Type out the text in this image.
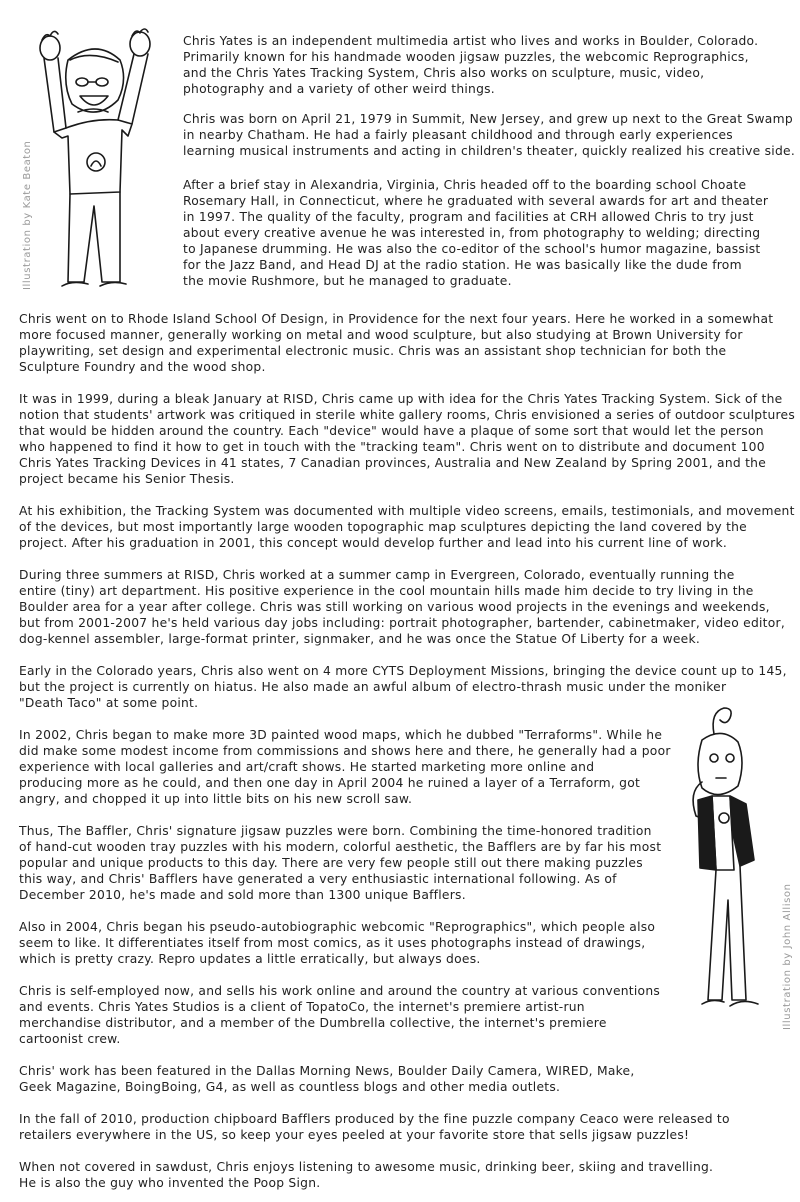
Illustration by Kate Beaton
Illustration by John Allison

Chris Yates is an independent multimedia artist who lives and works in Boulder, Colorado.
Primarily known for his handmade wooden jigsaw puzzles, the webcomic Reprographics,
and the Chris Yates Tracking System, Chris also works on sculpture, music, video,
photography and a variety of other weird things.

Chris was born on April 21, 1979 in Summit, New Jersey, and grew up next to the Great Swamp
in nearby Chatham. He had a fairly pleasant childhood and through early experiences
learning musical instruments and acting in children's theater, quickly realized his creative side.

After a brief stay in Alexandria, Virginia, Chris headed off to the boarding school Choate
Rosemary Hall, in Connecticut, where he graduated with several awards for art and theater
in 1997. The quality of the faculty, program and facilities at CRH allowed Chris to try just
about every creative avenue he was interested in, from photography to welding; directing
to Japanese drumming. He was also the co-editor of the school's humor magazine, bassist
for the Jazz Band, and Head DJ at the radio station. He was basically like the dude from
the movie Rushmore, but he managed to graduate.

Chris went on to Rhode Island School Of Design, in Providence for the next four years. Here he worked in a somewhat
more focused manner, generally working on metal and wood sculpture, but also studying at Brown University for
playwriting, set design and experimental electronic music. Chris was an assistant shop technician for both the
Sculpture Foundry and the wood shop.

It was in 1999, during a bleak January at RISD, Chris came up with idea for the Chris Yates Tracking System. Sick of the
notion that students' artwork was critiqued in sterile white gallery rooms, Chris envisioned a series of outdoor sculptures
that would be hidden around the country. Each "device" would have a plaque of some sort that would let the person
who happened to find it how to get in touch with the "tracking team". Chris went on to distribute and document 100
Chris Yates Tracking Devices in 41 states, 7 Canadian provinces, Australia and New Zealand by Spring 2001, and the
project became his Senior Thesis.

At his exhibition, the Tracking System was documented with multiple video screens, emails, testimonials, and movement
of the devices, but most importantly large wooden topographic map sculptures depicting the land covered by the
project. After his graduation in 2001, this concept would develop further and lead into his current line of work.

During three summers at RISD, Chris worked at a summer camp in Evergreen, Colorado, eventually running the
entire (tiny) art department. His positive experience in the cool mountain hills made him decide to try living in the
Boulder area for a year after college. Chris was still working on various wood projects in the evenings and weekends,
but from 2001-2007 he's held various day jobs including: portrait photographer, bartender, cabinetmaker, video editor,
dog-kennel assembler, large-format printer, signmaker, and he was once the Statue Of Liberty for a week.

Early in the Colorado years, Chris also went on 4 more CYTS Deployment Missions, bringing the device count up to 145,
but the project is currently on hiatus. He also made an awful album of electro-thrash music under the moniker
"Death Taco" at some point.

In 2002, Chris began to make more 3D painted wood maps, which he dubbed "Terraforms". While he
did make some modest income from commissions and shows here and there, he generally had a poor
experience with local galleries and art/craft shows. He started marketing more online and
producing more as he could, and then one day in April 2004 he ruined a layer of a Terraform, got
angry, and chopped it up into little bits on his new scroll saw.

Thus, The Baffler, Chris' signature jigsaw puzzles were born. Combining the time-honored tradition
of hand-cut wooden tray puzzles with his modern, colorful aesthetic, the Bafflers are by far his most
popular and unique products to this day. There are very few people still out there making puzzles
this way, and Chris' Bafflers have generated a very enthusiastic international following. As of
December 2010, he's made and sold more than 1300 unique Bafflers.

Also in 2004, Chris began his pseudo-autobiographic webcomic "Reprographics", which people also
seem to like. It differentiates itself from most comics, as it uses photographs instead of drawings,
which is pretty crazy. Repro updates a little erratically, but always does.

Chris is self-employed now, and sells his work online and around the country at various conventions
and events. Chris Yates Studios is a client of TopatoCo, the internet's premiere artist-run
merchandise distributor, and a member of the Dumbrella collective, the internet's premiere
cartoonist crew.

Chris' work has been featured in the Dallas Morning News, Boulder Daily Camera, WIRED, Make,
Geek Magazine, BoingBoing, G4, as well as countless blogs and other media outlets.

In the fall of 2010, production chipboard Bafflers produced by the fine puzzle company Ceaco were released to
retailers everywhere in the US, so keep your eyes peeled at your favorite store that sells jigsaw puzzles!

When not covered in sawdust, Chris enjoys listening to awesome music, drinking beer, skiing and travelling.
He is also the guy who invented the Poop Sign.
